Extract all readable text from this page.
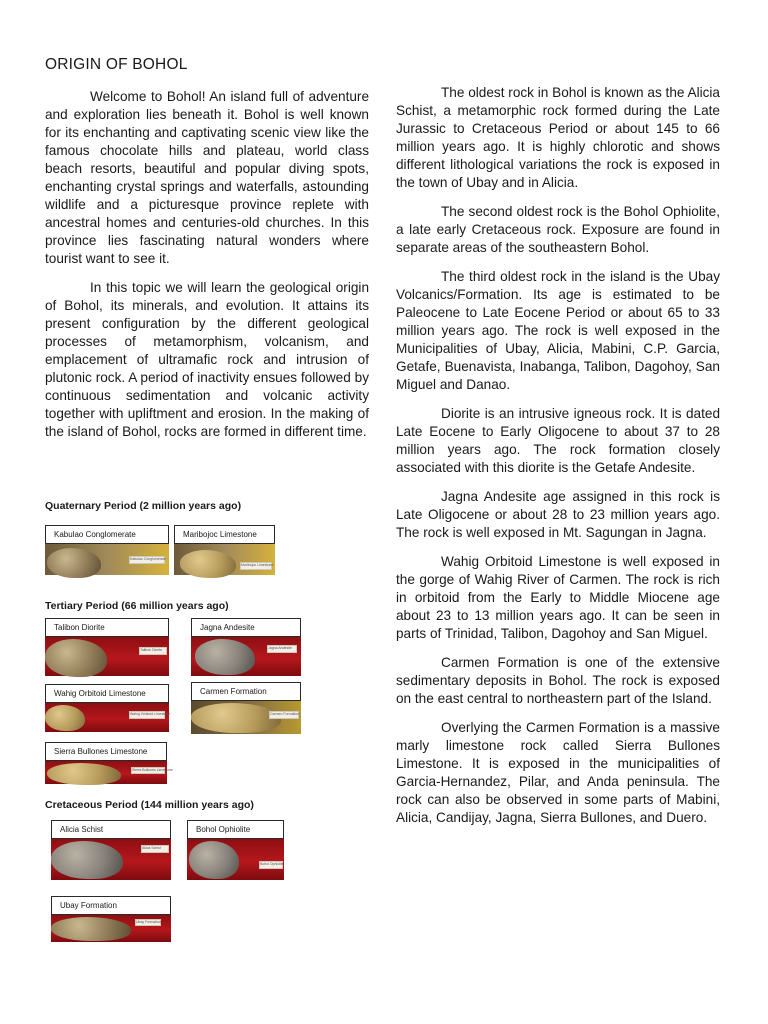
ORIGIN OF BOHOL

Welcome to Bohol! An island full of adventure and exploration lies beneath it. Bohol is well known for its enchanting and captivating scenic view like the famous chocolate hills and plateau, world class beach resorts, beautiful and popular diving spots, enchanting crystal springs and waterfalls, astounding wildlife and a picturesque province replete with ancestral homes and centuries-old churches. In this province lies fascinating natural wonders where tourist want to see it.

In this topic we will learn the geological origin of Bohol, its minerals, and evolution. It attains its present configuration by the different geological processes of metamorphism, volcanism, and emplacement of ultramafic rock and intrusion of plutonic rock. A period of inactivity ensues followed by continuous sedimentation and volcanic activity together with upliftment and erosion. In the making of the island of Bohol, rocks are formed in different time.

Quaternary Period (2 million years ago)
Kabulao Conglomerate
Kabulao Conglomerate
Maribojoc Limestone
Maribojoc Limestone
Tertiary Period (66 million years ago)
Talibon Diorite
Talibon Diorite
Jagna Andesite
Jagna Andesite
Wahig Orbitoid Limestone
Wahig Orbitoid Limestone
Carmen Formation
Carmen Formation
Sierra Bullones Limestone
Sierra Bullones Limestone
Cretaceous Period (144 million years ago)
Alicia Schist
Alicia Schist
Bohol Ophiolite
Bohol Ophiolite
Ubay Formation
Ubay Formation

The oldest rock in Bohol is known as the Alicia Schist, a metamorphic rock formed during the Late Jurassic to Cretaceous Period or about 145 to 66 million years ago. It is highly chlorotic and shows different lithological variations the rock is exposed in the town of Ubay and in Alicia.

The second oldest rock is the Bohol Ophiolite, a late early Cretaceous rock. Exposure are found in separate areas of the southeastern Bohol.

The third oldest rock in the island is the Ubay Volcanics/Formation. Its age is estimated to be Paleocene to Late Eocene Period or about 65 to 33 million years ago. The rock is well exposed in the Municipalities of Ubay, Alicia, Mabini, C.P. Garcia, Getafe, Buenavista, Inabanga, Talibon, Dagohoy, San Miguel and Danao.

Diorite is an intrusive igneous rock. It is dated Late Eocene to Early Oligocene to about 37 to 28 million years ago. The rock formation closely associated with this diorite is the Getafe Andesite.

Jagna Andesite age assigned in this rock is Late Oligocene or about 28 to 23 million years ago. The rock is well exposed in Mt. Sagungan in Jagna.

Wahig Orbitoid Limestone is well exposed in the gorge of Wahig River of Carmen. The rock is rich in orbitoid from the Early to Middle Miocene age about 23 to 13 million years ago. It can be seen in parts of Trinidad, Talibon, Dagohoy and San Miguel.

Carmen Formation is one of the extensive sedimentary deposits in Bohol. The rock is exposed on the east central to northeastern part of the Island.

Overlying the Carmen Formation is a massive marly limestone rock called Sierra Bullones Limestone. It is exposed in the municipalities of Garcia-Hernandez, Pilar, and Anda peninsula. The rock can also be observed in some parts of Mabini, Alicia, Candijay, Jagna, Sierra Bullones, and Duero.
